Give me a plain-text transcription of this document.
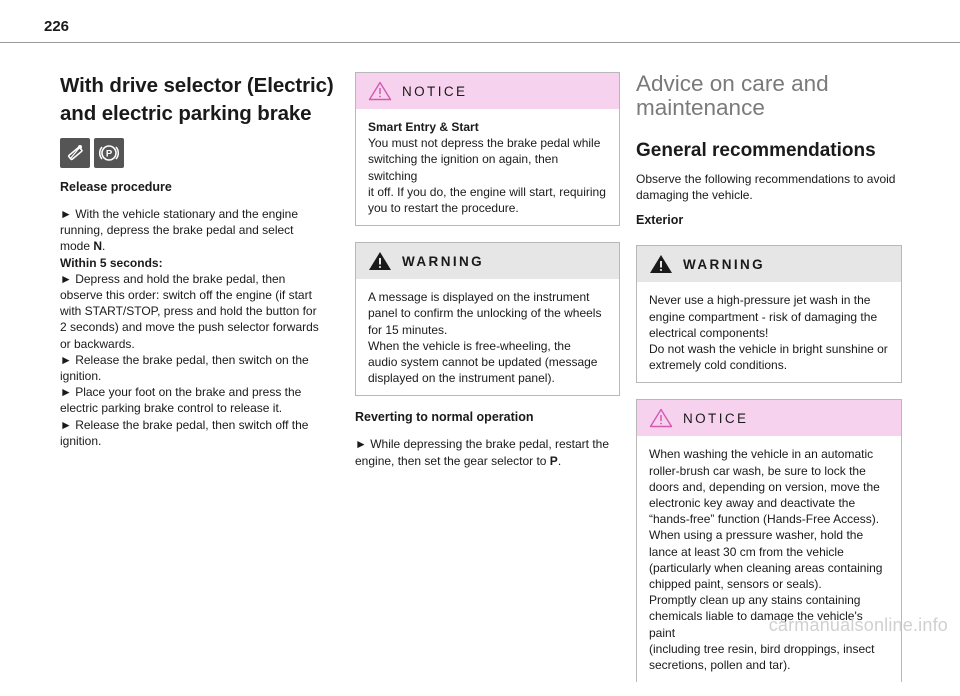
226
With drive selector (Electric)
and electric parking brake
P
Release procedure

► With the vehicle stationary and the engine
running, depress the brake pedal and select
mode N.
Within 5 seconds:
► Depress and hold the brake pedal, then
observe this order: switch off the engine (if start
with START/STOP, press and hold the button for
2 seconds) and move the push selector forwards
or backwards.
► Release the brake pedal, then switch on the
ignition.
► Place your foot on the brake and press the
electric parking brake control to release it.
► Release the brake pedal, then switch off the
ignition.

NOTICE

Smart Entry & Start
You must not depress the brake pedal while
switching the ignition on again, then switching
it off. If you do, the engine will start, requiring
you to restart the procedure.

WARNING

A message is displayed on the instrument
panel to confirm the unlocking of the wheels
for 15 minutes.
When the vehicle is free-wheeling, the
audio system cannot be updated (message
displayed on the instrument panel).

Reverting to normal operation

► While depressing the brake pedal, restart the
engine, then set the gear selector to P.

Advice on care and
maintenance
General recommendations

Observe the following recommendations to avoid
damaging the vehicle.

Exterior
WARNING

Never use a high-pressure jet wash in the
engine compartment - risk of damaging the
electrical components!
Do not wash the vehicle in bright sunshine or
extremely cold conditions.

NOTICE

When washing the vehicle in an automatic
roller-brush car wash, be sure to lock the
doors and, depending on version, move the
electronic key away and deactivate the
“hands-free” function (Hands-Free Access).
When using a pressure washer, hold the
lance at least 30 cm from the vehicle
(particularly when cleaning areas containing
chipped paint, sensors or seals).
Promptly clean up any stains containing
chemicals liable to damage the vehicle's paint
(including tree resin, bird droppings, insect
secretions, pollen and tar).

carmanualsonline.info
